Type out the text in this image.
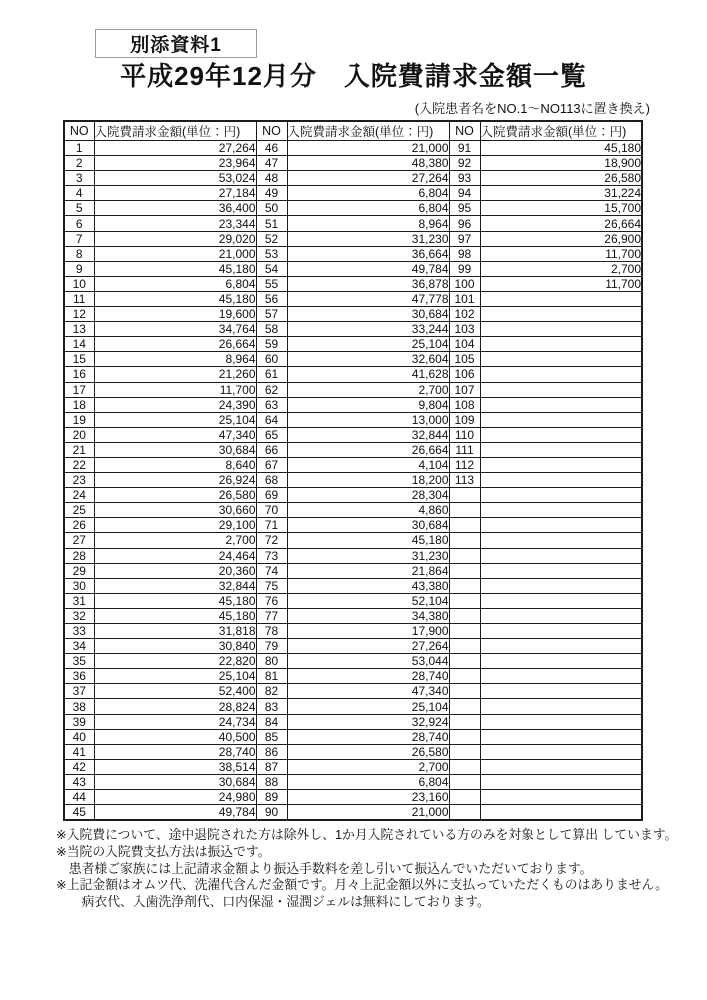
別添資料1
平成29年12月分　入院費請求金額一覧
(入院患者名をNO.1～NO113に置き換え)
NO	入院費請求金額(単位：円)	NO	入院費請求金額(単位：円)	NO	入院費請求金額(単位：円)
1	27,264	46	21,000	91	45,180
2	23,964	47	48,380	92	18,900
3	53,024	48	27,264	93	26,580
4	27,184	49	6,804	94	31,224
5	36,400	50	6,804	95	15,700
6	23,344	51	8,964	96	26,664
7	29,020	52	31,230	97	26,900
8	21,000	53	36,664	98	11,700
9	45,180	54	49,784	99	2,700
10	6,804	55	36,878	100	11,700
11	45,180	56	47,778	101	
12	19,600	57	30,684	102	
13	34,764	58	33,244	103	
14	26,664	59	25,104	104	
15	8,964	60	32,604	105	
16	21,260	61	41,628	106	
17	11,700	62	2,700	107	
18	24,390	63	9,804	108	
19	25,104	64	13,000	109	
20	47,340	65	32,844	110	
21	30,684	66	26,664	111	
22	8,640	67	4,104	112	
23	26,924	68	18,200	113	
24	26,580	69	28,304		
25	30,660	70	4,860		
26	29,100	71	30,684		
27	2,700	72	45,180		
28	24,464	73	31,230		
29	20,360	74	21,864		
30	32,844	75	43,380		
31	45,180	76	52,104		
32	45,180	77	34,380		
33	31,818	78	17,900		
34	30,840	79	27,264		
35	22,820	80	53,044		
36	25,104	81	28,740		
37	52,400	82	47,340		
38	28,824	83	25,104		
39	24,734	84	32,924		
40	40,500	85	28,740		
41	28,740	86	26,580		
42	38,514	87	2,700		
43	30,684	88	6,804		
44	24,980	89	23,160		
45	49,784	90	21,000		

※入院費について、途中退院された方は除外し、1か月入院されている方のみを対象として算出 しています。

※当院の入院費支払方法は振込です。

　患者様ご家族には上記請求金額より振込手数料を差し引いて振込んでいただいております。

※上記金額はオムツ代、洗濯代含んだ金額です。月々上記金額以外に支払っていただくものはありません。

　　病衣代、入歯洗浄剤代、口内保湿・湿潤ジェルは無料にしております。
